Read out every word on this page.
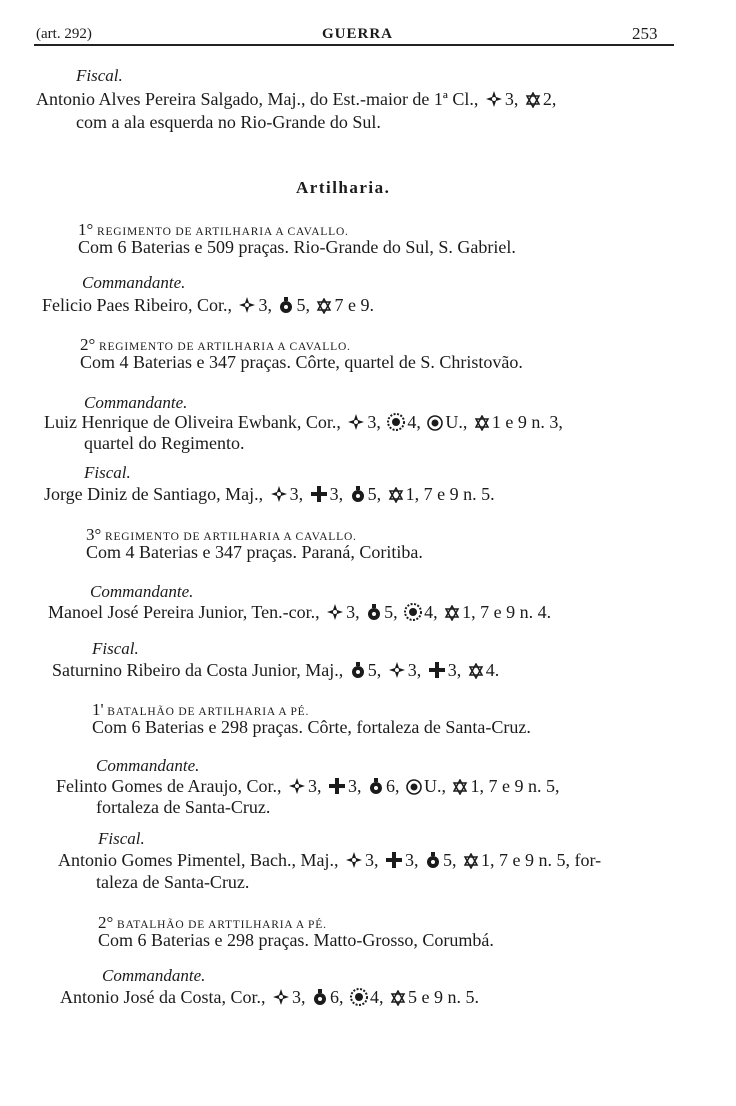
(art. 292)	GUERRA	253
Fiscal.
Antonio Alves Pereira Salgado, Maj., do Est.-maior de 1ª Cl., 3, 2,
com a ala esquerda no Rio-Grande do Sul.
Artilharia.
1° REGIMENTO DE ARTILHARIA A CAVALLO.
Com 6 Baterias e 509 praças. Rio-Grande do Sul, S. Gabriel.
Commandante.
Felicio Paes Ribeiro, Cor., 3, 5, 7 e 9.
2° REGIMENTO DE ARTILHARIA A CAVALLO.
Com 4 Baterias e 347 praças. Côrte, quartel de S. Christovão.
Commandante.
Luiz Henrique de Oliveira Ewbank, Cor., 3, 4, U., 1 e 9 n. 3,
quartel do Regimento.
Fiscal.
Jorge Diniz de Santiago, Maj., 3, 3, 5, 1, 7 e 9 n. 5.
3° REGIMENTO DE ARTILHARIA A CAVALLO.
Com 4 Baterias e 347 praças. Paraná, Coritiba.
Commandante.
Manoel José Pereira Junior, Ten.-cor., 3, 5, 4, 1, 7 e 9 n. 4.
Fiscal.
Saturnino Ribeiro da Costa Junior, Maj., 5, 3, 3, 4.
1' BATALHÃO DE ARTILHARIA A PÉ.
Com 6 Baterias e 298 praças. Côrte, fortaleza de Santa-Cruz.
Commandante.
Felinto Gomes de Araujo, Cor., 3, 3, 6, U., 1, 7 e 9 n. 5,
fortaleza de Santa-Cruz.
Fiscal.
Antonio Gomes Pimentel, Bach., Maj., 3, 3, 5, 1, 7 e 9 n. 5, for-
taleza de Santa-Cruz.
2° BATALHÃO DE ARTTILHARIA A PÉ.
Com 6 Baterias e 298 praças. Matto-Grosso, Corumbá.
Commandante.
Antonio José da Costa, Cor., 3, 6, 4, 5 e 9 n. 5.
